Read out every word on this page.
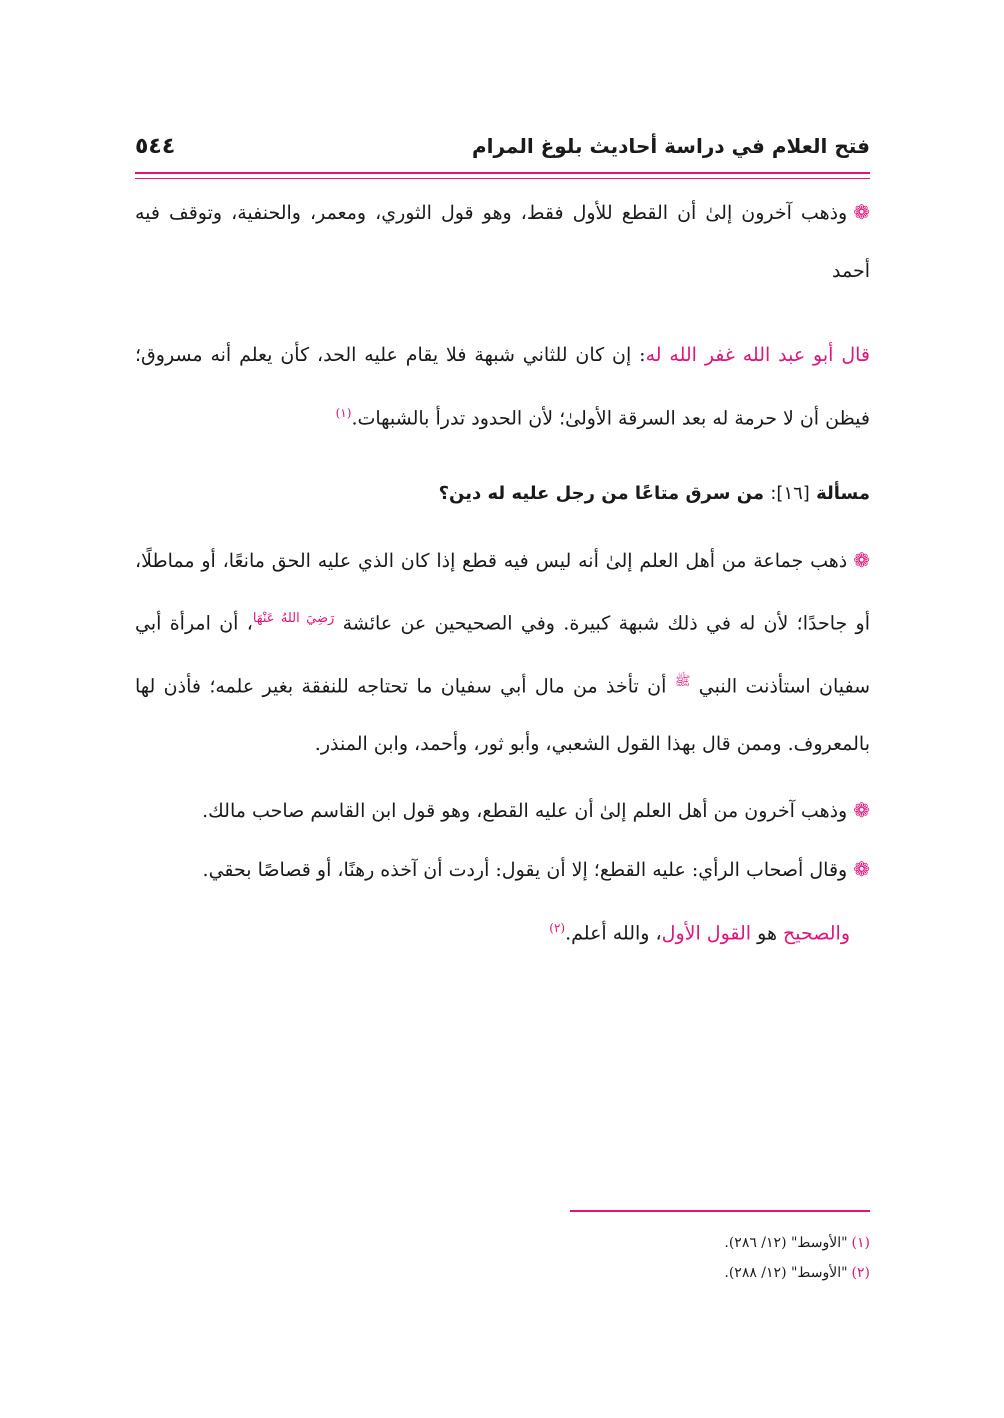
فتح العلام في دراسة أحاديث بلوغ المرام
٥٤٤

❁وذهب آخرون إلىٰ أن القطع للأول فقط، وهو قول الثوري، ومعمر، والحنفية، وتوقف فيه أحمد

قال أبو عبد الله غفر الله له: إن كان للثاني شبهة فلا يقام عليه الحد، كأن يعلم أنه مسروق؛ فيظن أن لا حرمة له بعد السرقة الأولىٰ؛ لأن الحدود تدرأ بالشبهات.$^{(١)}$

مسألة [١٦]: من سرق متاعًا من رجل عليه له دين؟

❁ذهب جماعة من أهل العلم إلىٰ أنه ليس فيه قطع إذا كان الذي عليه الحق مانعًا، أو مماطلًا، أو جاحدًا؛ لأن له في ذلك شبهة كبيرة. وفي الصحيحين عن عائشة $^{رَضِيَ اللهُ عَنْهَا}$، أن امرأة أبي سفيان استأذنت النبي $^ﷺ$ أن تأخذ من مال أبي سفيان ما تحتاجه للنفقة بغير علمه؛ فأذن لها بالمعروف. وممن قال بهذا القول الشعبي، وأبو ثور، وأحمد، وابن المنذر.

❁وذهب آخرون من أهل العلم إلىٰ أن عليه القطع، وهو قول ابن القاسم صاحب مالك.

❁وقال أصحاب الرأي: عليه القطع؛ إلا أن يقول: أردت أن آخذه رهنًا، أو قصاصًا بحقي.

والصحيح هو القول الأول، والله أعلم.$^{(٢)}$

(١)"الأوسط" (١٢/ ٢٨٦).

(٢)"الأوسط" (١٢/ ٢٨٨).
